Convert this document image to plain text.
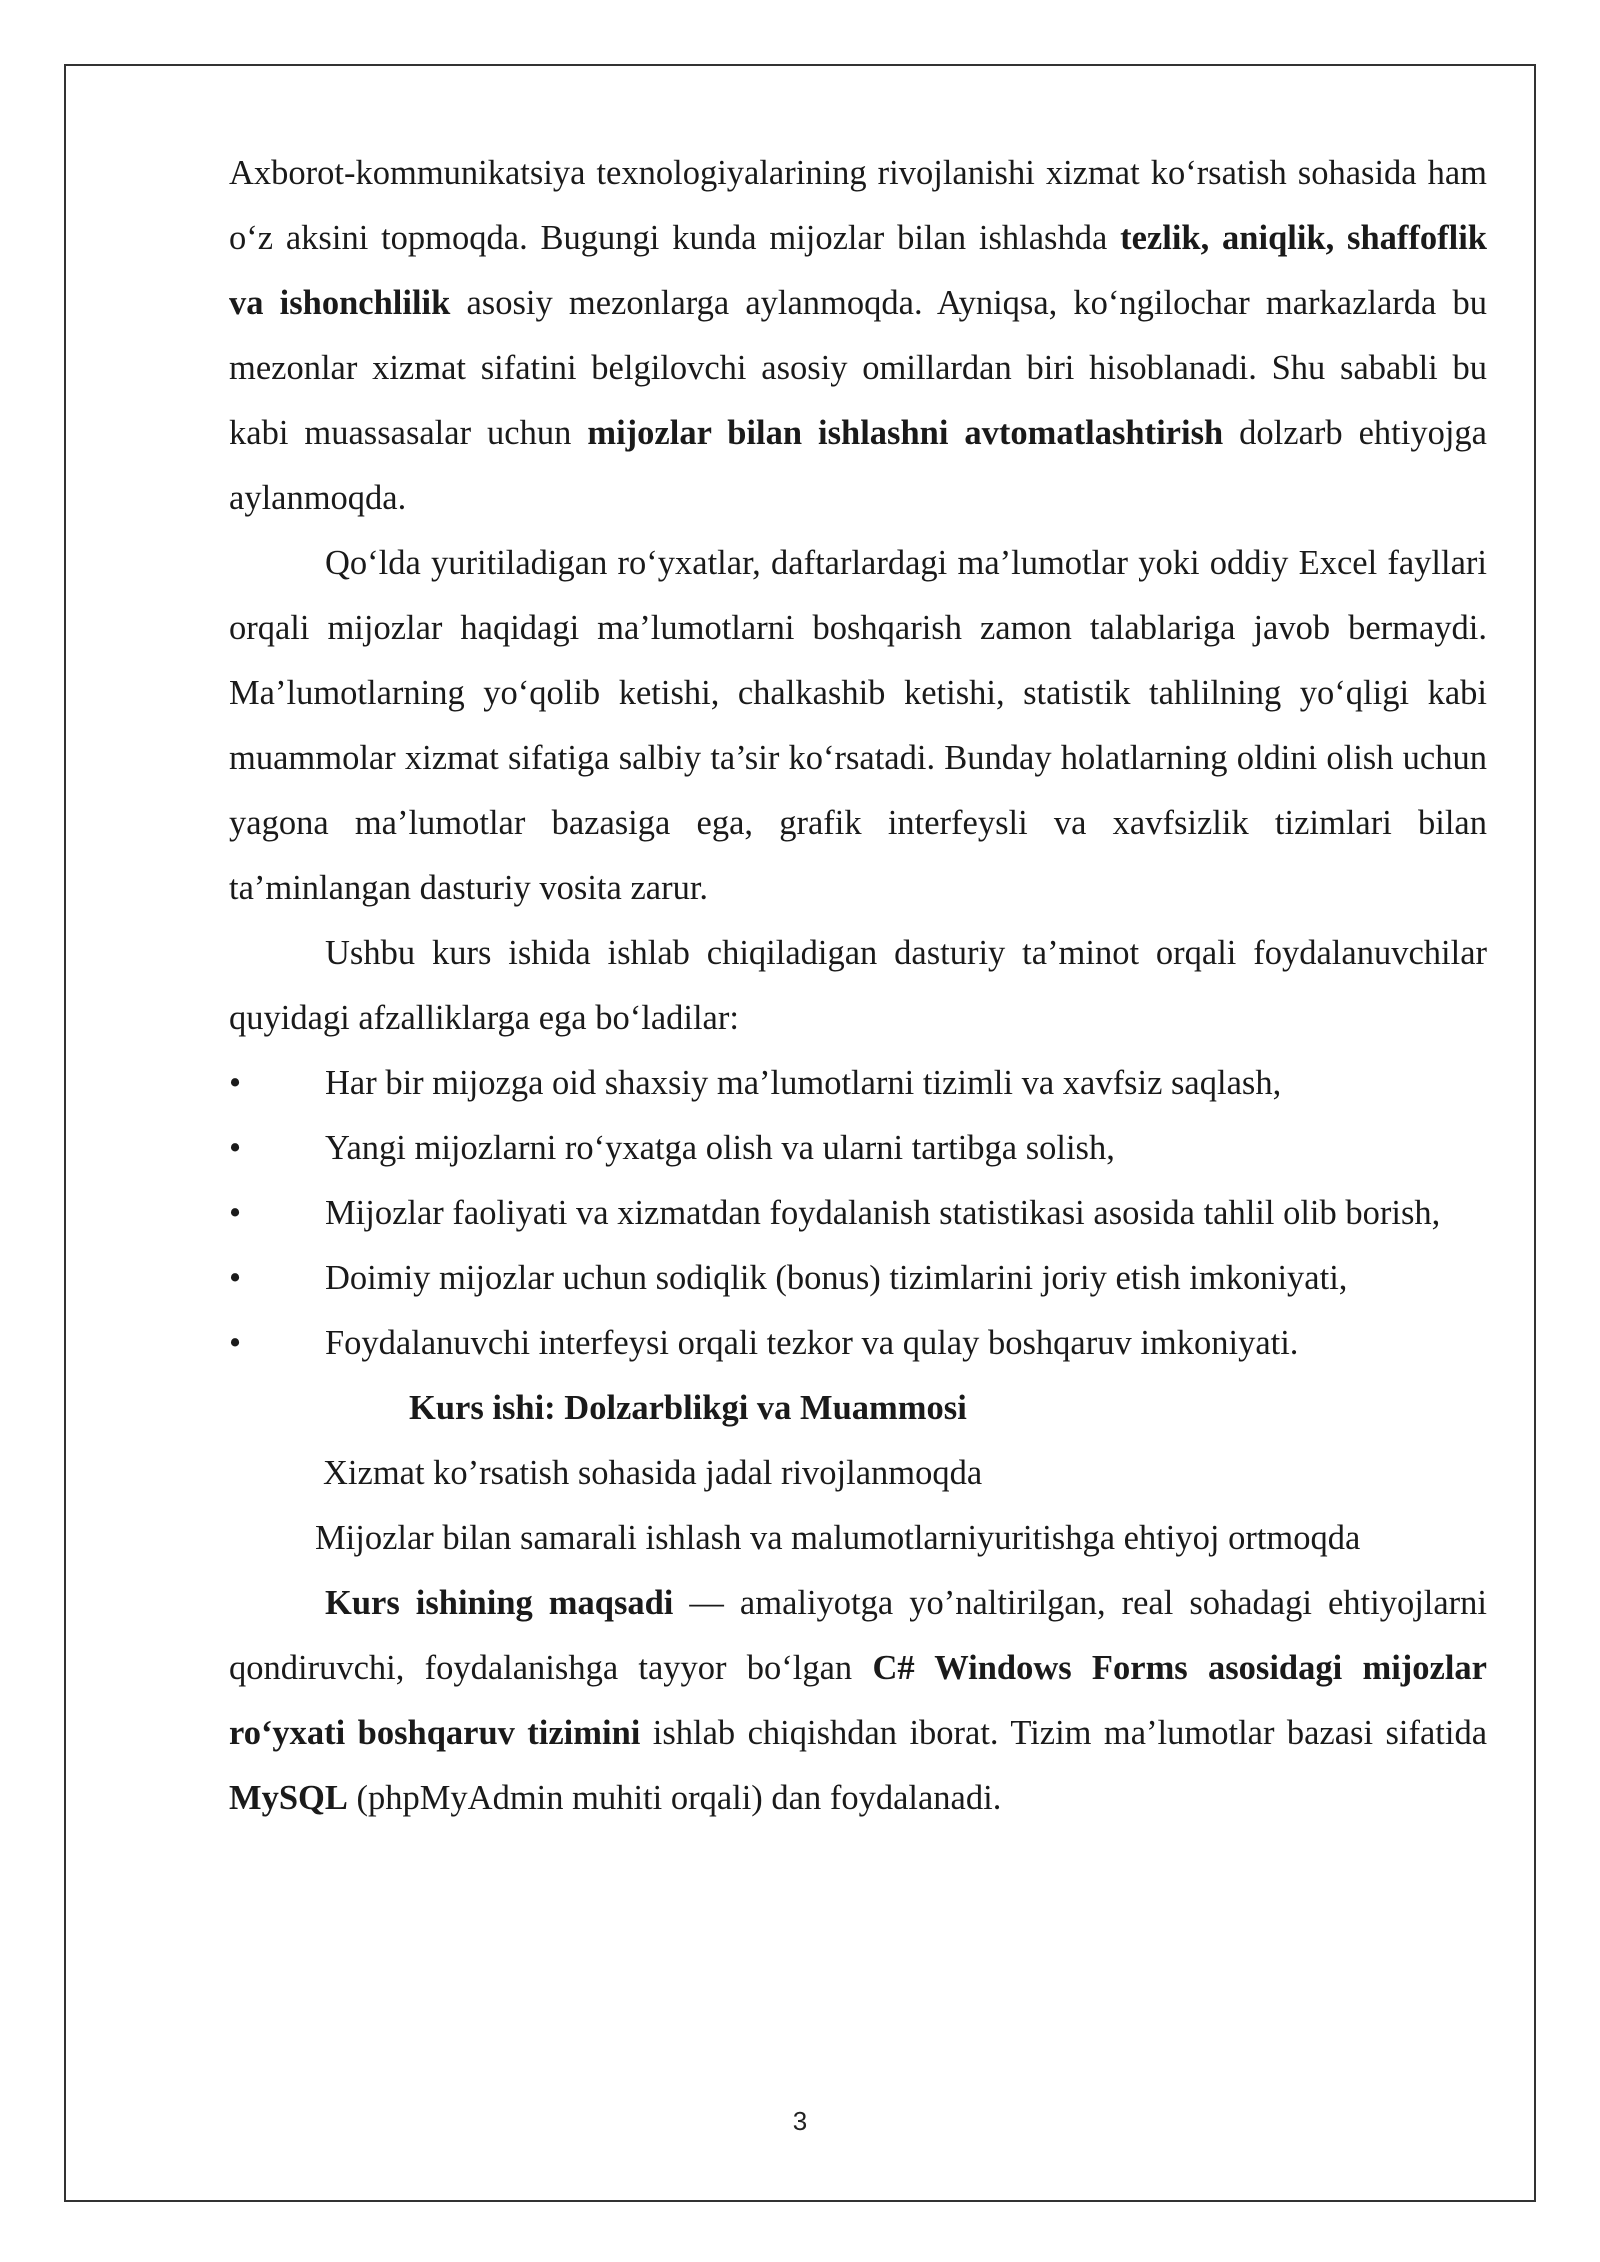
Axborot-kommunikatsiya texnologiyalarining rivojlanishi xizmat ko‘rsatish sohasida ham o‘z aksini topmoqda. Bugungi kunda mijozlar bilan ishlashda tezlik, aniqlik, shaffoflik va ishonchlilik asosiy mezonlarga aylanmoqda. Ayniqsa, ko‘ngilochar markazlarda bu mezonlar xizmat sifatini belgilovchi asosiy omillardan biri hisoblanadi. Shu sababli bu kabi muassasalar uchun mijozlar bilan ishlashni avtomatlashtirish dolzarb ehtiyojga aylanmoqda.

Qo‘lda yuritiladigan ro‘yxatlar, daftarlardagi ma’lumotlar yoki oddiy Excel fayllari orqali mijozlar haqidagi ma’lumotlarni boshqarish zamon talablariga javob bermaydi. Ma’lumotlarning yo‘qolib ketishi, chalkashib ketishi, statistik tahlilning yo‘qligi kabi muammolar xizmat sifatiga salbiy ta’sir ko‘rsatadi. Bunday holatlarning oldini olish uchun yagona ma’lumotlar bazasiga ega, grafik interfeysli va xavfsizlik tizimlari bilan ta’minlangan dasturiy vosita zarur.

Ushbu kurs ishida ishlab chiqiladigan dasturiy ta’minot orqali foydalanuvchilar quyidagi afzalliklarga ega bo‘ladilar:

•	Har bir mijozga oid shaxsiy ma’lumotlarni tizimli va xavfsiz saqlash,

•	Yangi mijozlarni ro‘yxatga olish va ularni tartibga solish,

•	Mijozlar faoliyati va xizmatdan foydalanish statistikasi asosida tahlil olib borish,

•	Doimiy mijozlar uchun sodiqlik (bonus) tizimlarini joriy etish imkoniyati,

•	Foydalanuvchi interfeysi orqali tezkor va qulay boshqaruv imkoniyati.

Kurs ishi: Dolzarblikgi va Muammosi

Xizmat ko’rsatish sohasida jadal rivojlanmoqda

Mijozlar bilan samarali ishlash va malumotlarniyuritishga ehtiyoj ortmoqda

Kurs ishining maqsadi — amaliyotga yo’naltirilgan, real sohadagi ehtiyojlarni qondiruvchi, foydalanishga tayyor bo‘lgan C# Windows Forms asosidagi mijozlar ro‘yxati boshqaruv tizimini ishlab chiqishdan iborat. Tizim ma’lumotlar bazasi sifatida MySQL (phpMyAdmin muhiti orqali) dan foydalanadi.

3
